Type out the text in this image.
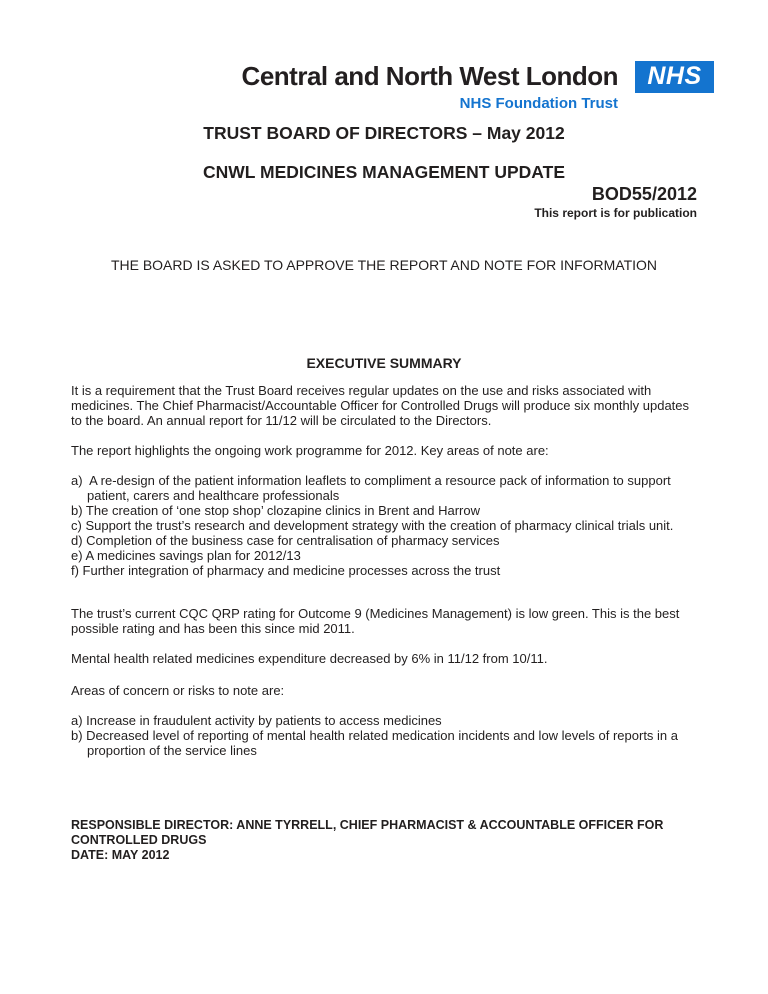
Central and North West London NHS
NHS Foundation Trust
TRUST BOARD OF DIRECTORS – May 2012
CNWL MEDICINES MANAGEMENT UPDATE
BOD55/2012
This report is for publication
THE BOARD IS ASKED TO APPROVE THE REPORT AND NOTE FOR INFORMATION
EXECUTIVE SUMMARY
It is a requirement that the Trust Board receives regular updates on the use and risks associated with medicines. The Chief Pharmacist/Accountable Officer for Controlled Drugs will produce six monthly updates to the board. An annual report for 11/12 will be circulated to the Directors.
The report highlights the ongoing work programme for 2012. Key areas of note are:
a)  A re-design of the patient information leaflets to compliment a resource pack of information to support patient, carers and healthcare professionals
b) The creation of ‘one stop shop’ clozapine clinics in Brent and Harrow
c) Support the trust’s research and development strategy with the creation of pharmacy clinical trials unit.
d) Completion of the business case for centralisation of pharmacy services
e) A medicines savings plan for 2012/13
f) Further integration of pharmacy and medicine processes across the trust
The trust’s current CQC QRP rating for Outcome 9 (Medicines Management) is low green. This is the best possible rating and has been this since mid 2011.
Mental health related medicines expenditure decreased by 6% in 11/12 from 10/11.
Areas of concern or risks to note are:
a) Increase in fraudulent activity by patients to access medicines
b) Decreased level of reporting of mental health related medication incidents and low levels of reports in a proportion of the service lines
RESPONSIBLE DIRECTOR: ANNE TYRRELL, CHIEF PHARMACIST & ACCOUNTABLE OFFICER FOR CONTROLLED DRUGS
DATE: MAY 2012
